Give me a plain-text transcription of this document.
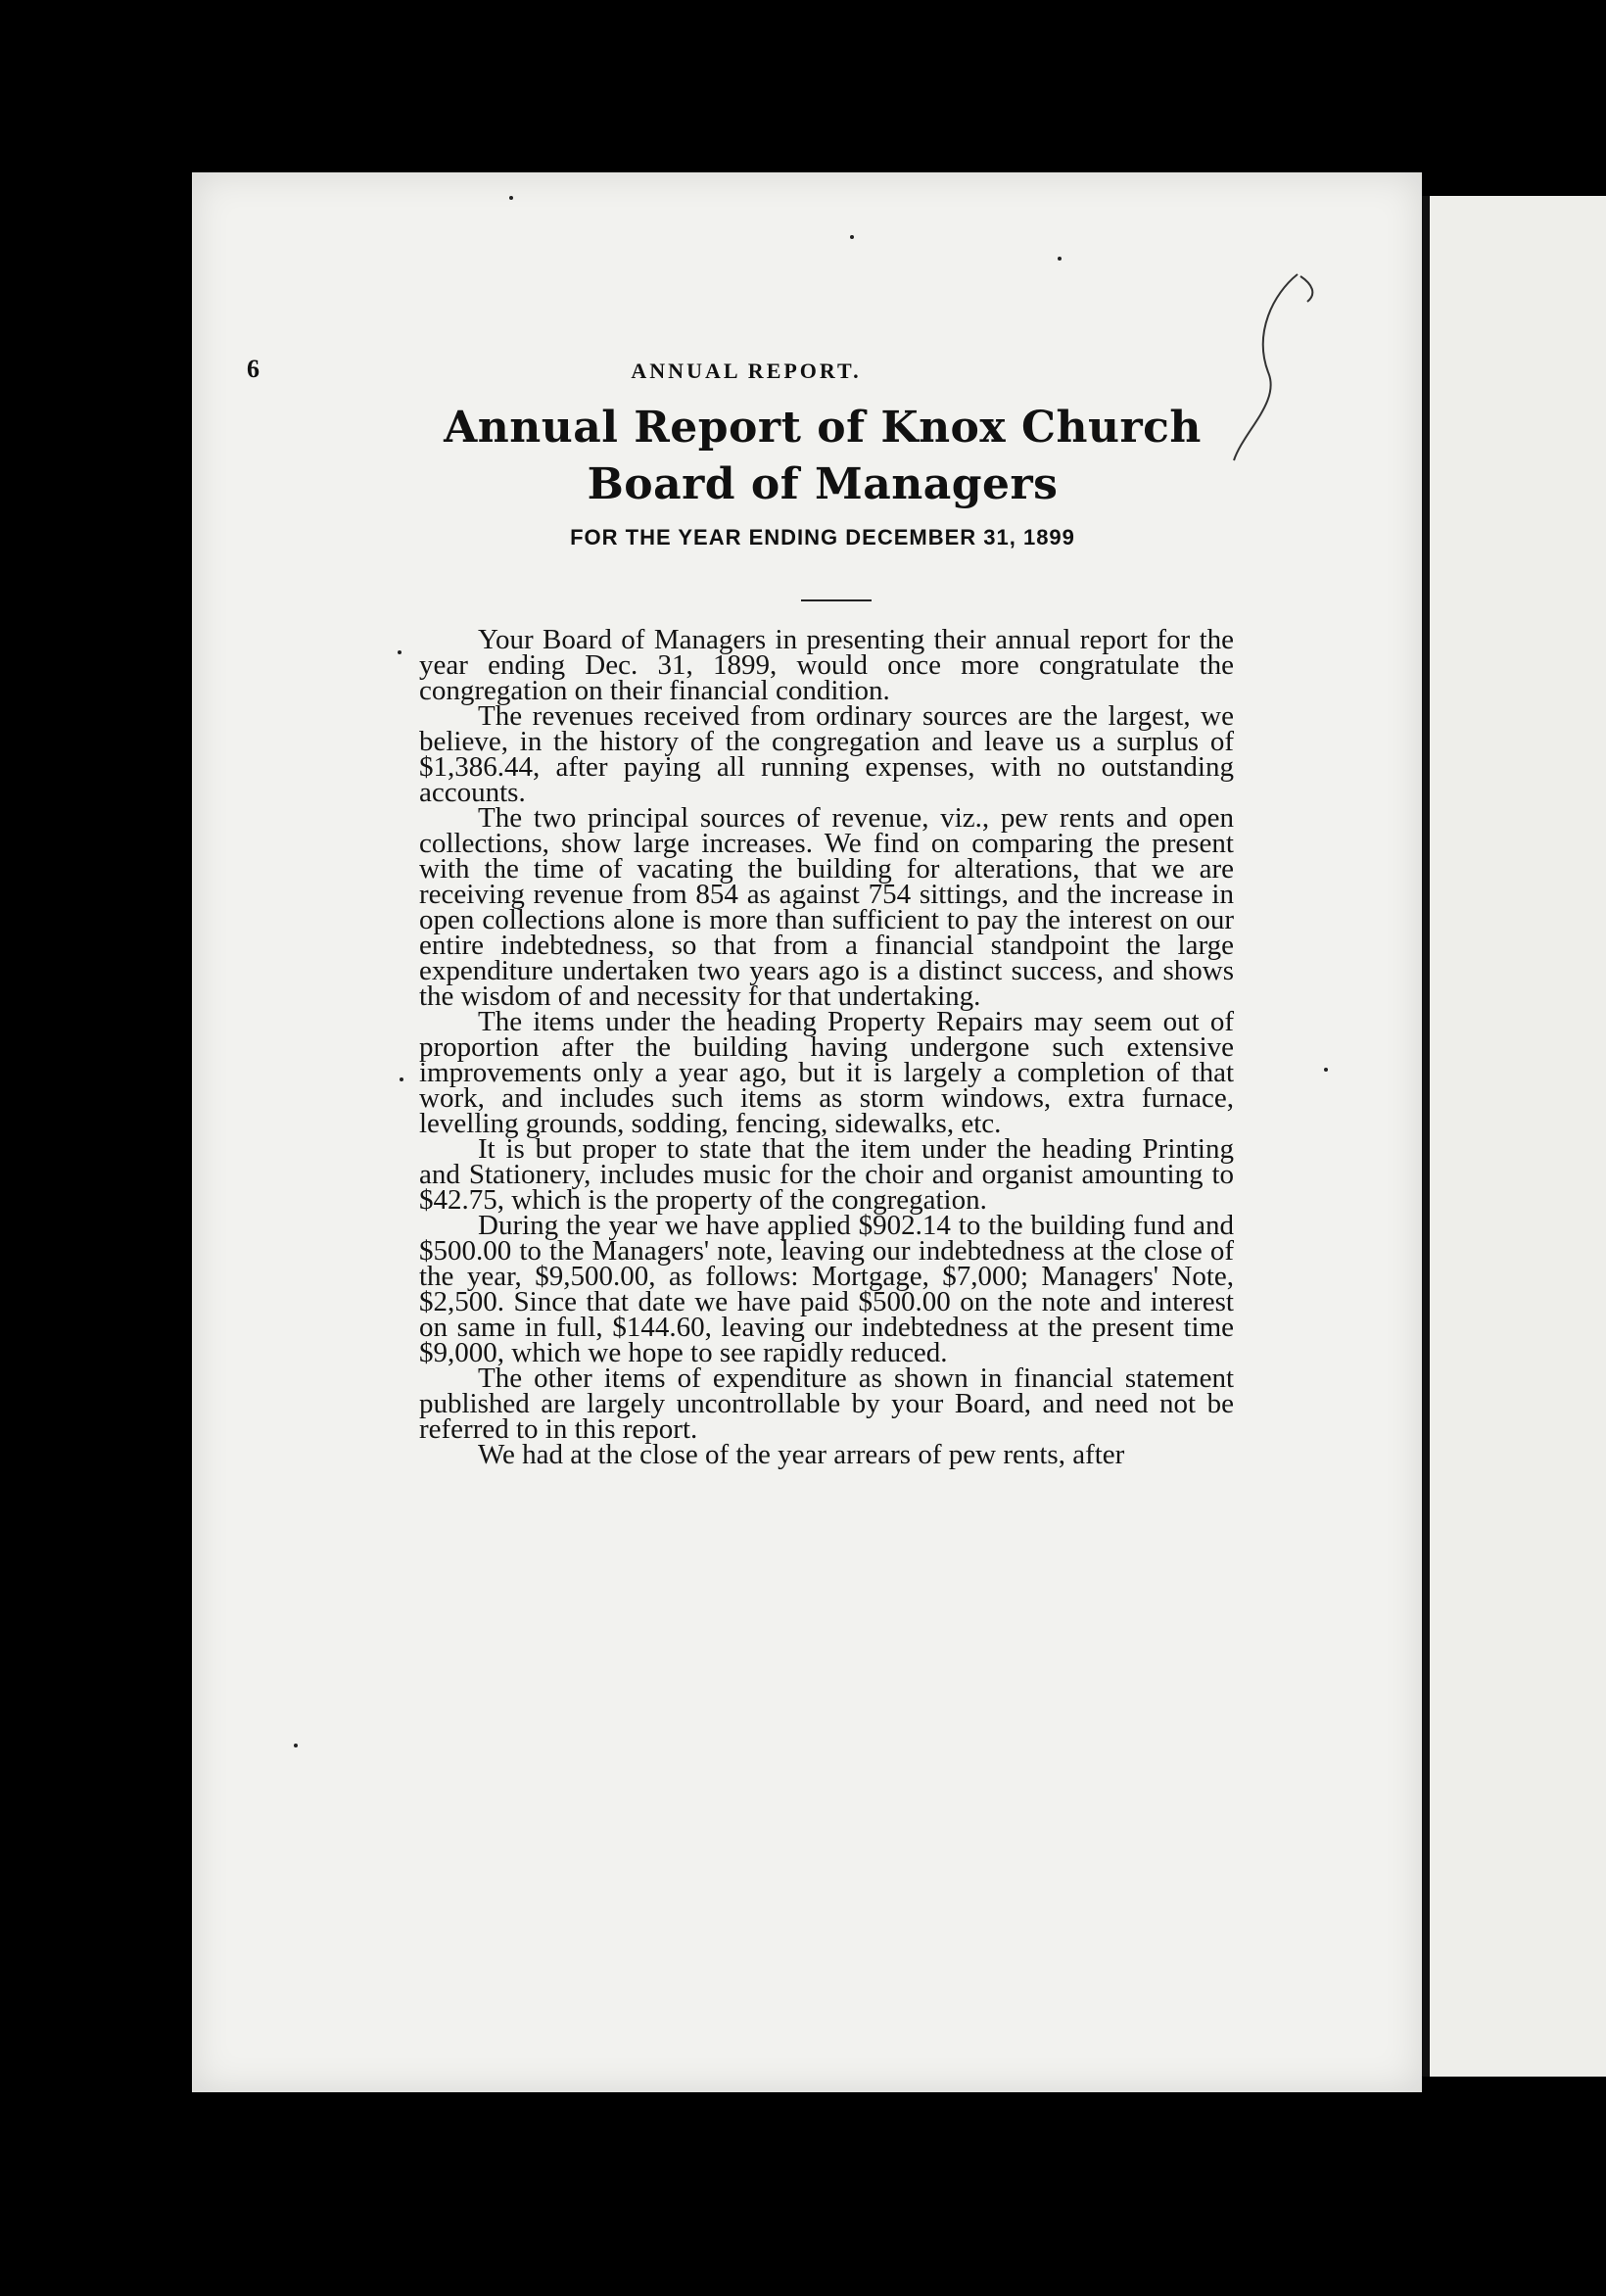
6	ANNUAL REPORT.
Annual Report of Knox Church Board of Managers
FOR THE YEAR ENDING DECEMBER 31, 1899

Your Board of Managers in presenting their annual report for the year ending Dec. 31, 1899, would once more congratulate the congregation on their financial condition.

The revenues received from ordinary sources are the largest, we believe, in the history of the congregation and leave us a surplus of $1,386.44, after paying all running expenses, with no outstanding accounts.

The two principal sources of revenue, viz., pew rents and open collections, show large increases. We find on comparing the present with the time of vacating the building for alterations, that we are receiving revenue from 854 as against 754 sittings, and the increase in open collections alone is more than sufficient to pay the interest on our entire indebtedness, so that from a financial standpoint the large expenditure undertaken two years ago is a distinct success, and shows the wisdom of and necessity for that undertaking.

The items under the heading Property Repairs may seem out of proportion after the building having undergone such extensive improvements only a year ago, but it is largely a completion of that work, and includes such items as storm windows, extra furnace, levelling grounds, sodding, fencing, sidewalks, etc.

It is but proper to state that the item under the heading Printing and Stationery, includes music for the choir and organist amounting to $42.75, which is the property of the congregation.

During the year we have applied $902.14 to the building fund and $500.00 to the Managers' note, leaving our indebtedness at the close of the year, $9,500.00, as follows: Mortgage, $7,000; Managers' Note, $2,500. Since that date we have paid $500.00 on the note and interest on same in full, $144.60, leaving our indebtedness at the present time $9,000, which we hope to see rapidly reduced.

The other items of expenditure as shown in financial statement published are largely uncontrollable by your Board, and need not be referred to in this report.

We had at the close of the year arrears of pew rents, after
